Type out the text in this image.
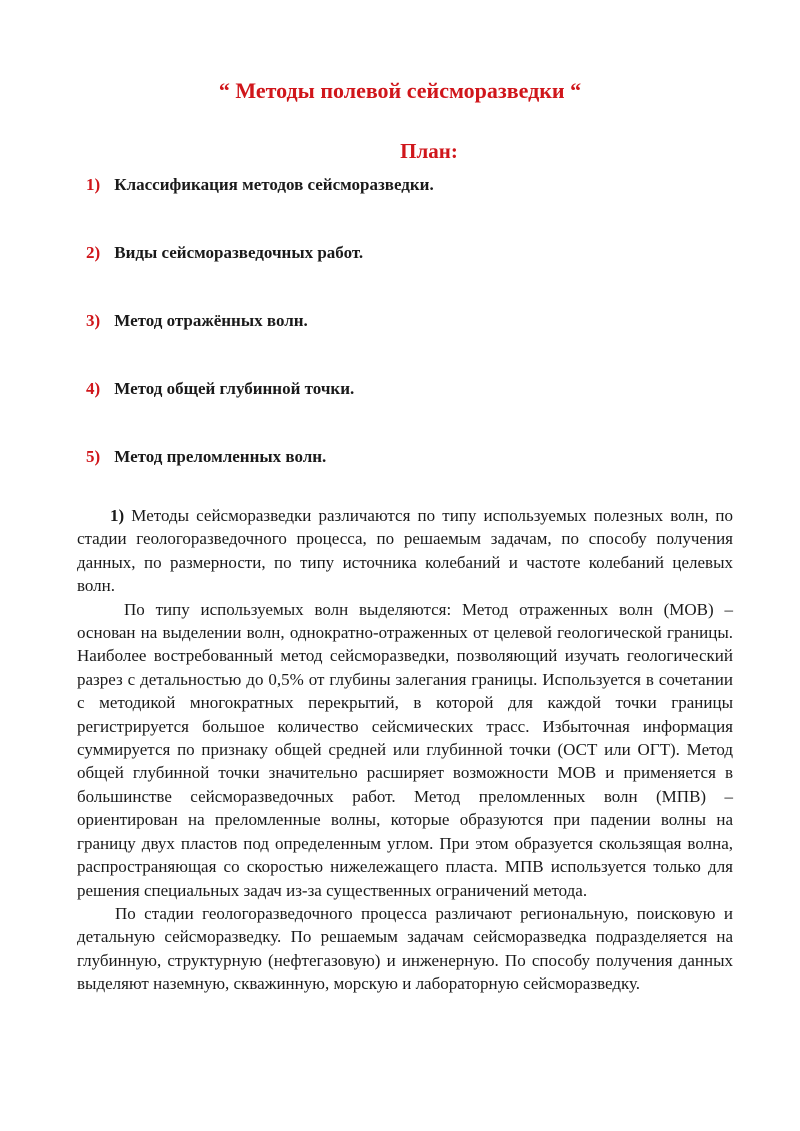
“ Методы полевой сейсморазведки “
План:
1) Классификация методов сейсморазведки.
2) Виды сейсморазведочных работ.
3) Метод отражённых волн.
4) Метод общей глубинной точки.
5) Метод преломленных волн.

1) Методы сейсморазведки различаются по типу используемых полезных волн, по стадии геологоразведочного процесса, по решаемым задачам, по способу получения данных, по размерности, по типу источника колебаний и частоте колебаний целевых волн.

По типу используемых волн выделяются: Метод отраженных волн (МОВ) – основан на выделении волн, однократно-отраженных от целевой геологической границы. Наиболее востребованный метод сейсморазведки, позволяющий изучать геологический разрез с детальностью до 0,5% от глубины залегания границы. Используется в сочетании с методикой многократных перекрытий, в которой для каждой точки границы регистрируется большое количество сейсмических трасс. Избыточная информация суммируется по признаку общей средней или глубинной точки (ОСТ или ОГТ). Метод общей глубинной точки значительно расширяет возможности МОВ и применяется в большинстве сейсморазведочных работ. Метод преломленных волн (МПВ) – ориентирован на преломленные волны, которые образуются при падении волны на границу двух пластов под определенным углом. При этом образуется скользящая волна, распространяющая со скоростью нижележащего пласта. МПВ используется только для решения специальных задач из-за существенных ограничений метода.

По стадии геологоразведочного процесса различают региональную, поисковую и детальную сейсморазведку. По решаемым задачам сейсморазведка подразделяется на глубинную, структурную (нефтегазовую) и инженерную. По способу получения данных выделяют наземную, скважинную, морскую и лабораторную сейсморазведку.
